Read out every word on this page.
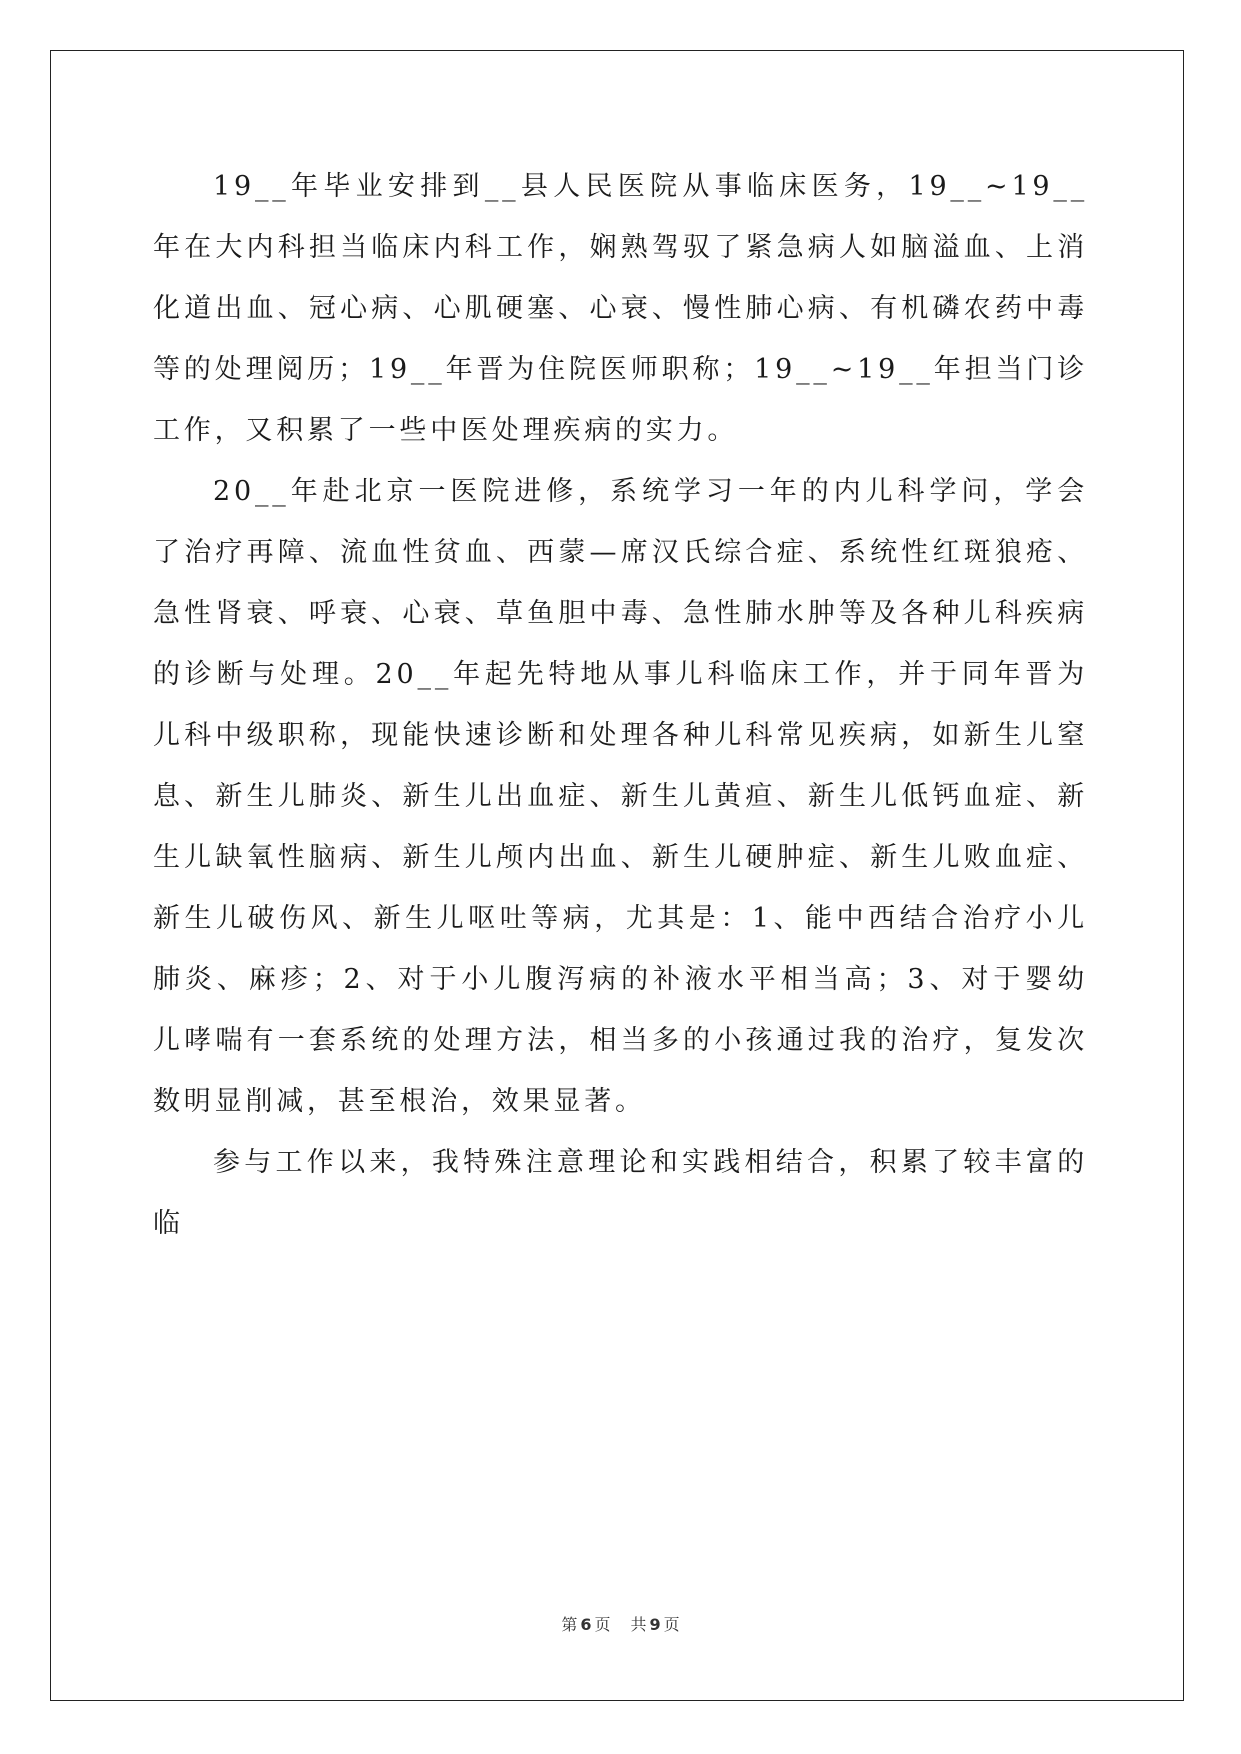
19__年毕业安排到__县人民医院从事临床医务，19__~19__年在大内科担当临床内科工作，娴熟驾驭了紧急病人如脑溢血、上消化道出血、冠心病、心肌硬塞、心衰、慢性肺心病、有机磷农药中毒等的处理阅历；19__年晋为住院医师职称；19__~19__年担当门诊工作，又积累了一些中医处理疾病的实力。

20__年赴北京一医院进修，系统学习一年的内儿科学问，学会了治疗再障、流血性贫血、西蒙—席汉氏综合症、系统性红斑狼疮、急性肾衰、呼衰、心衰、草鱼胆中毒、急性肺水肿等及各种儿科疾病的诊断与处理。20__年起先特地从事儿科临床工作，并于同年晋为儿科中级职称，现能快速诊断和处理各种儿科常见疾病，如新生儿窒息、新生儿肺炎、新生儿出血症、新生儿黄疸、新生儿低钙血症、新生儿缺氧性脑病、新生儿颅内出血、新生儿硬肿症、新生儿败血症、新生儿破伤风、新生儿呕吐等病，尤其是：1、能中西结合治疗小儿肺炎、麻疹；2、对于小儿腹泻病的补液水平相当高；3、对于婴幼儿哮喘有一套系统的处理方法，相当多的小孩通过我的治疗，复发次数明显削减，甚至根治，效果显著。

参与工作以来，我特殊注意理论和实践相结合，积累了较丰富的临

第 6 页 共 9 页
